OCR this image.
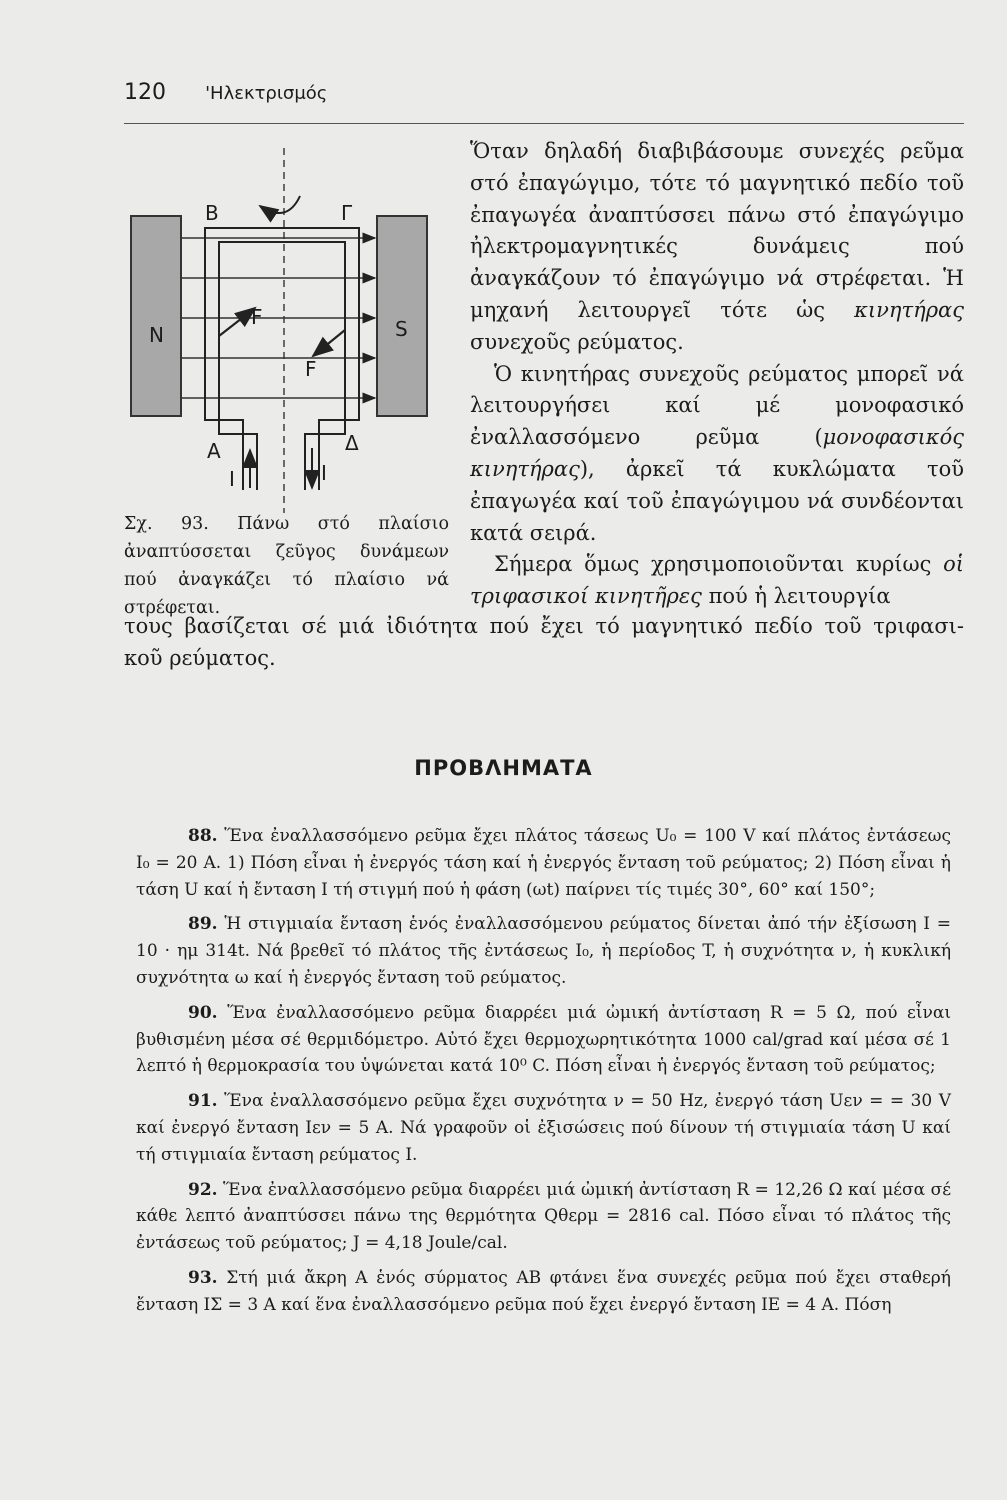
120 'Ηλεκτρισμός
B	Γ
N	S
F
F
A	Δ
I	I
Σχ. 93. Πάνω στό πλαίσιο ἀναπτύσσεται ζεῦγος δυνάμεων πού ἀναγκάζει τό πλαίσιο νά στρέφεται.

Ὅταν δηλαδή διαβιβάσουμε συνεχές ρεῦμα στό ἐπαγώγιμο, τότε τό μαγνητικό πεδίο τοῦ ἐπαγωγέα ἀναπτύσσει πάνω στό ἐπαγώγιμο ἠλεκτρομαγνητικές δυνάμεις πού ἀναγκάζουν τό ἐπαγώγιμο νά στρέφεται. Ἡ μηχανή λειτουργεῖ τότε ὡς κινητήρας συνεχοῦς ρεύματος.

Ὁ κινητήρας συνεχοῦς ρεύματος μπορεῖ νά λειτουργήσει καί μέ μονοφασικό ἐναλλασσόμενο ρεῦμα (μονοφασικός κινητήρας), ἀρκεῖ τά κυκλώματα τοῦ ἐπαγωγέα καί τοῦ ἐπαγώγιμου νά συνδέονται κατά σειρά.

Σήμερα ὅμως χρησιμοποιοῦνται κυρίως οἱ τριφασικοί κινητῆρες πού ἡ λειτουργία

τους βασίζεται σέ μιά ἰδιότητα πού ἔχει τό μαγνητικό πεδίο τοῦ τριφασι-
κοῦ ρεύματος.
ΠΡΟΒΛΗΜΑΤΑ

88. Ἕνα ἐναλλασσόμενο ρεῦμα ἔχει πλάτος τάσεως U₀ = 100 V καί πλάτος ἐντάσεως I₀ = 20 A. 1) Πόση εἶναι ἡ ἐνεργός τάση καί ἡ ἐνεργός ἔνταση τοῦ ρεύματος; 2) Πόση εἶναι ἡ τάση U καί ἡ ἔνταση I τή στιγμή πού ἡ φάση (ωt) παίρνει τίς τιμές 30°, 60° καί 150°;

89. Ἡ στιγμιαία ἔνταση ἑνός ἐναλλασσόμενου ρεύματος δίνεται ἀπό τήν ἐξίσωση I = 10 · ημ 314t. Νά βρεθεῖ τό πλάτος τῆς ἐντάσεως I₀, ἡ περίοδος T, ἡ συχνότητα ν, ἡ κυκλική συχνότητα ω καί ἡ ἐνεργός ἔνταση τοῦ ρεύματος.

90. Ἕνα ἐναλλασσόμενο ρεῦμα διαρρέει μιά ὠμική ἀντίσταση R = 5 Ω, πού εἶναι βυθισμένη μέσα σέ θερμιδόμετρο. Αὐτό ἔχει θερμοχωρητικότητα 1000 cal/grad καί μέσα σέ 1 λεπτό ἡ θερμοκρασία του ὑψώνεται κατά 10⁰ C. Πόση εἶναι ἡ ἐνεργός ἔνταση τοῦ ρεύματος;

91. Ἕνα ἐναλλασσόμενο ρεῦμα ἔχει συχνότητα ν = 50 Hz, ἐνεργό τάση Uεν = = 30 V καί ἐνεργό ἔνταση Iεν = 5 A. Νά γραφοῦν οἱ ἐξισώσεις πού δίνουν τή στιγμιαία τάση U καί τή στιγμιαία ἔνταση ρεύματος I.

92. Ἕνα ἐναλλασσόμενο ρεῦμα διαρρέει μιά ὠμική ἀντίσταση R = 12,26 Ω καί μέσα σέ κάθε λεπτό ἀναπτύσσει πάνω της θερμότητα Qθερμ = 2816 cal. Πόσο εἶναι τό πλάτος τῆς ἐντάσεως τοῦ ρεύματος; J = 4,18 Joule/cal.

93. Στή μιά ἄκρη A ἑνός σύρματος AB φτάνει ἕνα συνεχές ρεῦμα πού ἔχει σταθερή ἔνταση IΣ = 3 A καί ἕνα ἐναλλασσόμενο ρεῦμα πού ἔχει ἐνεργό ἔνταση IE = 4 A. Πόση
